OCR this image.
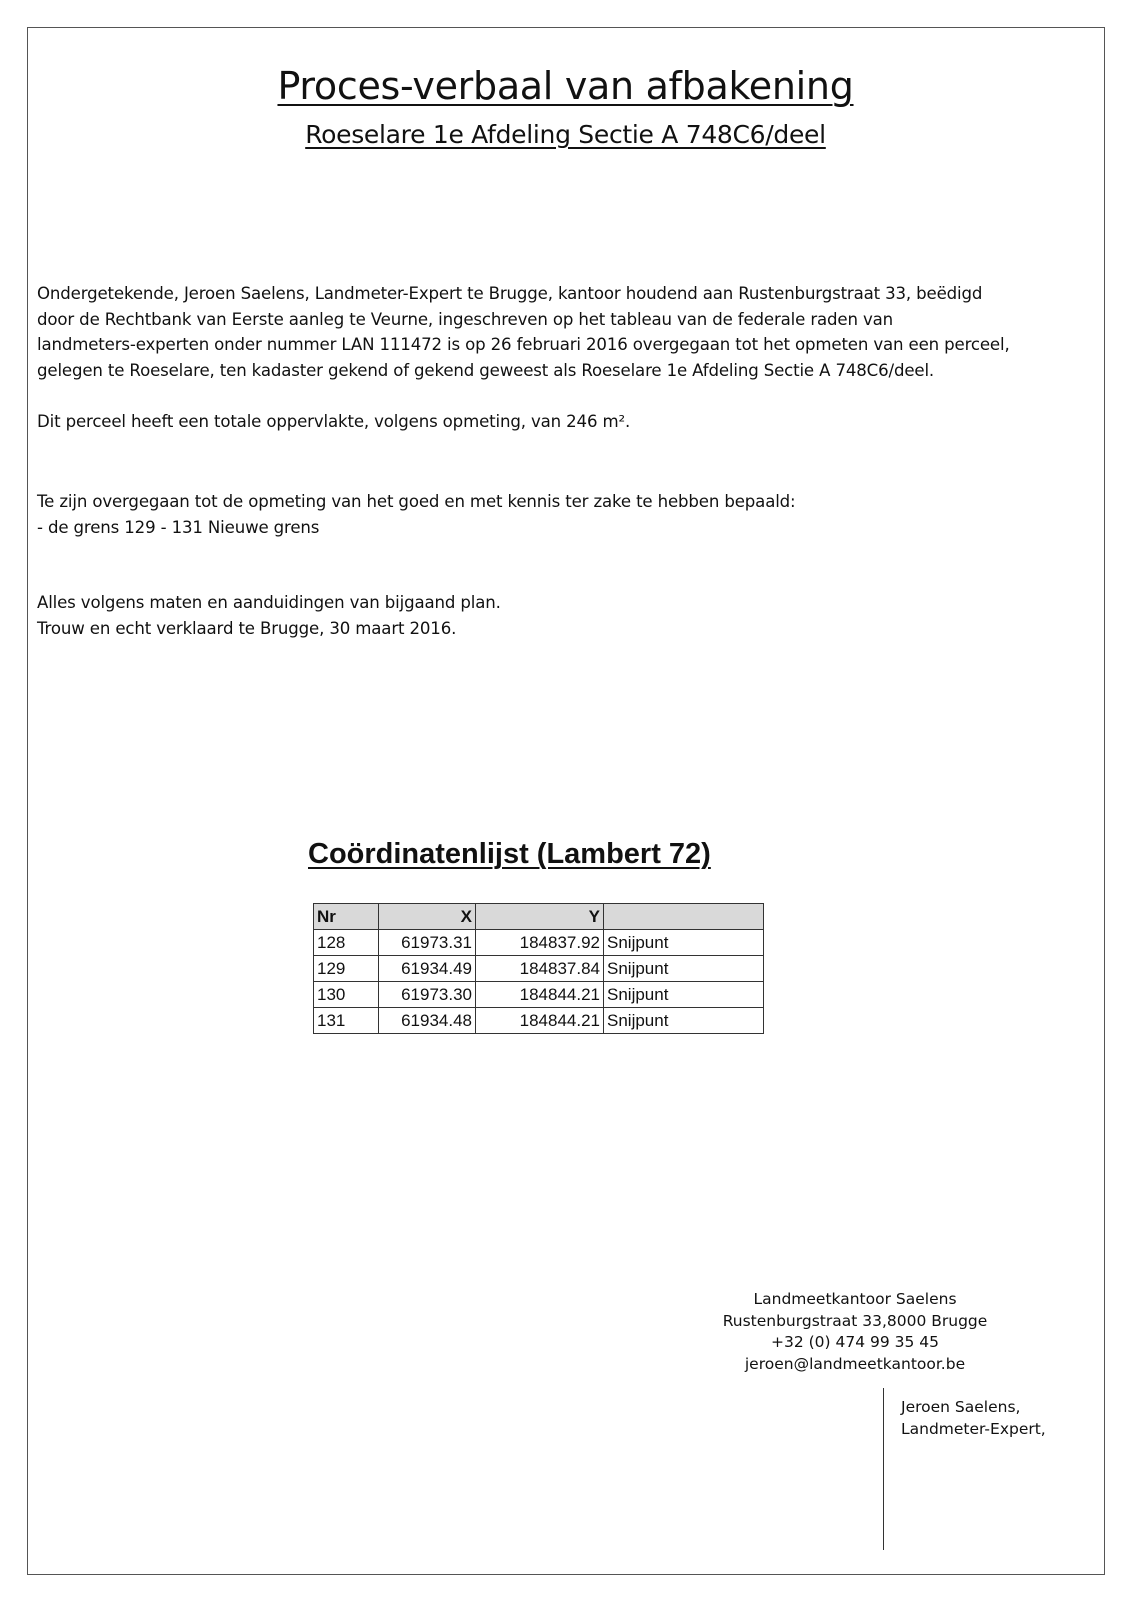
Proces-verbaal van afbakening
Roeselare 1e Afdeling Sectie A 748C6/deel

Ondergetekende, Jeroen Saelens, Landmeter-Expert te Brugge, kantoor houdend aan Rustenburgstraat 33, beëdigd

door de Rechtbank van Eerste aanleg te Veurne, ingeschreven op het tableau van de federale raden van

landmeters-experten onder nummer LAN 111472 is op 26 februari 2016 overgegaan tot het opmeten van een perceel,

gelegen te Roeselare, ten kadaster gekend of gekend geweest als Roeselare 1e Afdeling Sectie A 748C6/deel.

Dit perceel heeft een totale oppervlakte, volgens opmeting, van 246 m².

Te zijn overgegaan tot de opmeting van het goed en met kennis ter zake te hebben bepaald:

- de grens 129 - 131 Nieuwe grens

Alles volgens maten en aanduidingen van bijgaand plan.

Trouw en echt verklaard te Brugge, 30 maart 2016.

Coördinatenlijst (Lambert 72)
Nr	X	Y	
128	61973.31	184837.92	Snijpunt
129	61934.49	184837.84	Snijpunt
130	61973.30	184844.21	Snijpunt
131	61934.48	184844.21	Snijpunt
Landmeetkantoor Saelens
Rustenburgstraat 33,8000 Brugge
+32 (0) 474 99 35 45
jeroen@landmeetkantoor.be
Jeroen Saelens,
Landmeter-Expert,
